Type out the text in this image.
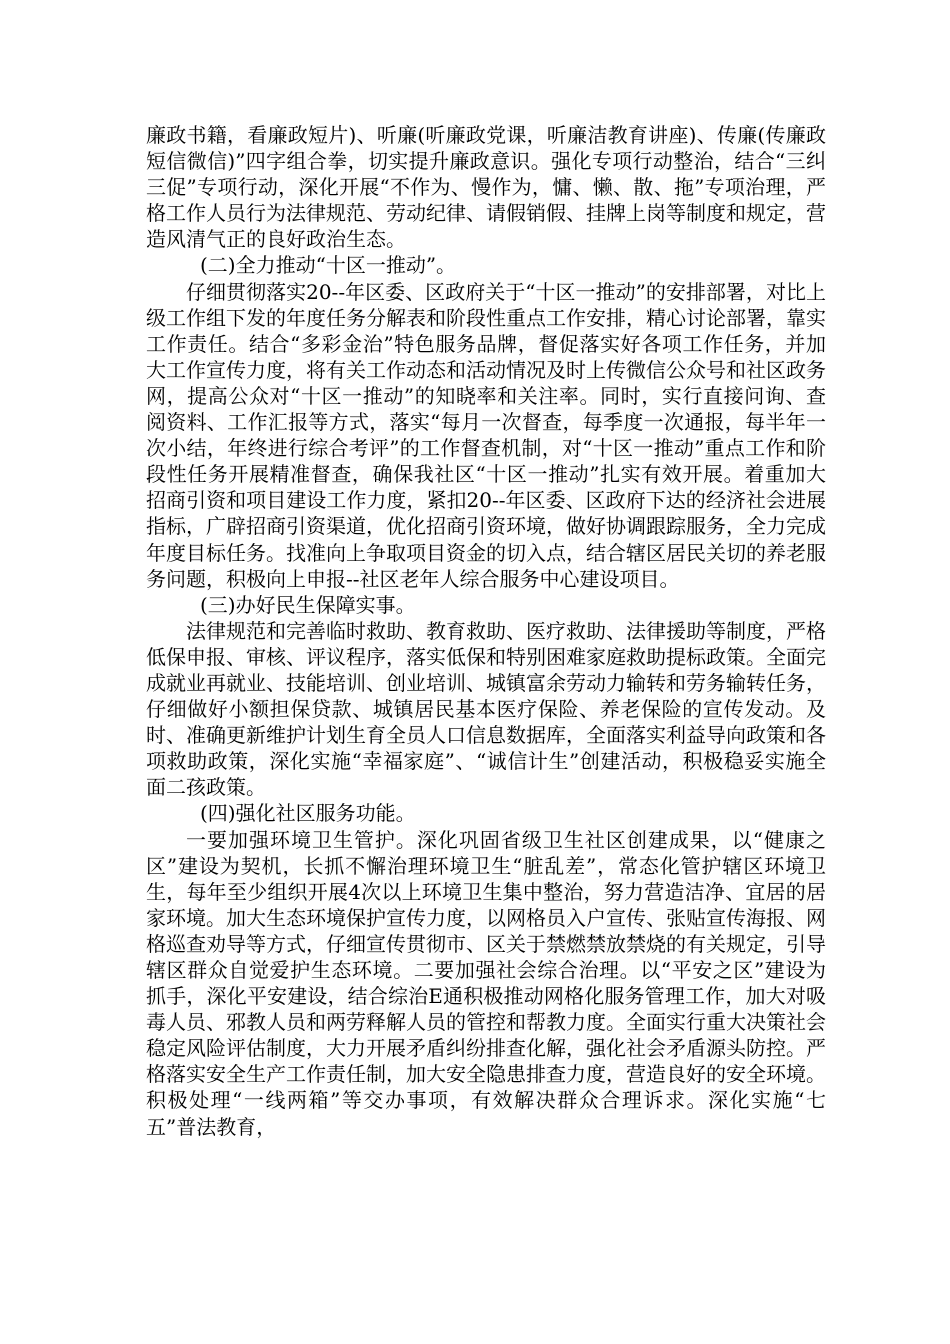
廉政书籍，看廉政短片)、听廉(听廉政党课，听廉洁教育讲座)、传廉(传廉政短信微信)”四字组合拳，切实提升廉政意识。强化专项行动整治，结合“三纠三促”专项行动，深化开展“不作为、慢作为，慵、懒、散、拖”专项治理，严格工作人员行为法律规范、劳动纪律、请假销假、挂牌上岗等制度和规定，营造风清气正的良好政治生态。

(二)全力推动“十区一推动”。

仔细贯彻落实20--年区委、区政府关于“十区一推动”的安排部署，对比上级工作组下发的年度任务分解表和阶段性重点工作安排，精心讨论部署，靠实工作责任。结合“多彩金治”特色服务品牌，督促落实好各项工作任务，并加大工作宣传力度，将有关工作动态和活动情况及时上传微信公众号和社区政务网，提高公众对“十区一推动”的知晓率和关注率。同时，实行直接问询、查阅资料、工作汇报等方式，落实“每月一次督查，每季度一次通报，每半年一次小结，年终进行综合考评”的工作督查机制，对“十区一推动”重点工作和阶段性任务开展精准督查，确保我社区“十区一推动”扎实有效开展。着重加大招商引资和项目建设工作力度，紧扣20--年区委、区政府下达的经济社会进展指标，广辟招商引资渠道，优化招商引资环境，做好协调跟踪服务，全力完成年度目标任务。找准向上争取项目资金的切入点，结合辖区居民关切的养老服务问题，积极向上申报--社区老年人综合服务中心建设项目。

(三)办好民生保障实事。

法律规范和完善临时救助、教育救助、医疗救助、法律援助等制度，严格低保申报、审核、评议程序，落实低保和特别困难家庭救助提标政策。全面完成就业再就业、技能培训、创业培训、城镇富余劳动力输转和劳务输转任务，仔细做好小额担保贷款、城镇居民基本医疗保险、养老保险的宣传发动。及时、准确更新维护计划生育全员人口信息数据库，全面落实利益导向政策和各项救助政策，深化实施“幸福家庭”、“诚信计生”创建活动，积极稳妥实施全面二孩政策。

(四)强化社区服务功能。

一要加强环境卫生管护。深化巩固省级卫生社区创建成果，以“健康之区”建设为契机，长抓不懈治理环境卫生“脏乱差”，常态化管护辖区环境卫生，每年至少组织开展4次以上环境卫生集中整治，努力营造洁净、宜居的居家环境。加大生态环境保护宣传力度，以网格员入户宣传、张贴宣传海报、网格巡查劝导等方式，仔细宣传贯彻市、区关于禁燃禁放禁烧的有关规定，引导辖区群众自觉爱护生态环境。二要加强社会综合治理。以“平安之区”建设为抓手，深化平安建设，结合综治E通积极推动网格化服务管理工作，加大对吸毒人员、邪教人员和两劳释解人员的管控和帮教力度。全面实行重大决策社会稳定风险评估制度，大力开展矛盾纠纷排查化解，强化社会矛盾源头防控。严格落实安全生产工作责任制，加大安全隐患排查力度，营造良好的安全环境。积极处理“一线两箱”等交办事项，有效解决群众合理诉求。深化实施“七五”普法教育，
